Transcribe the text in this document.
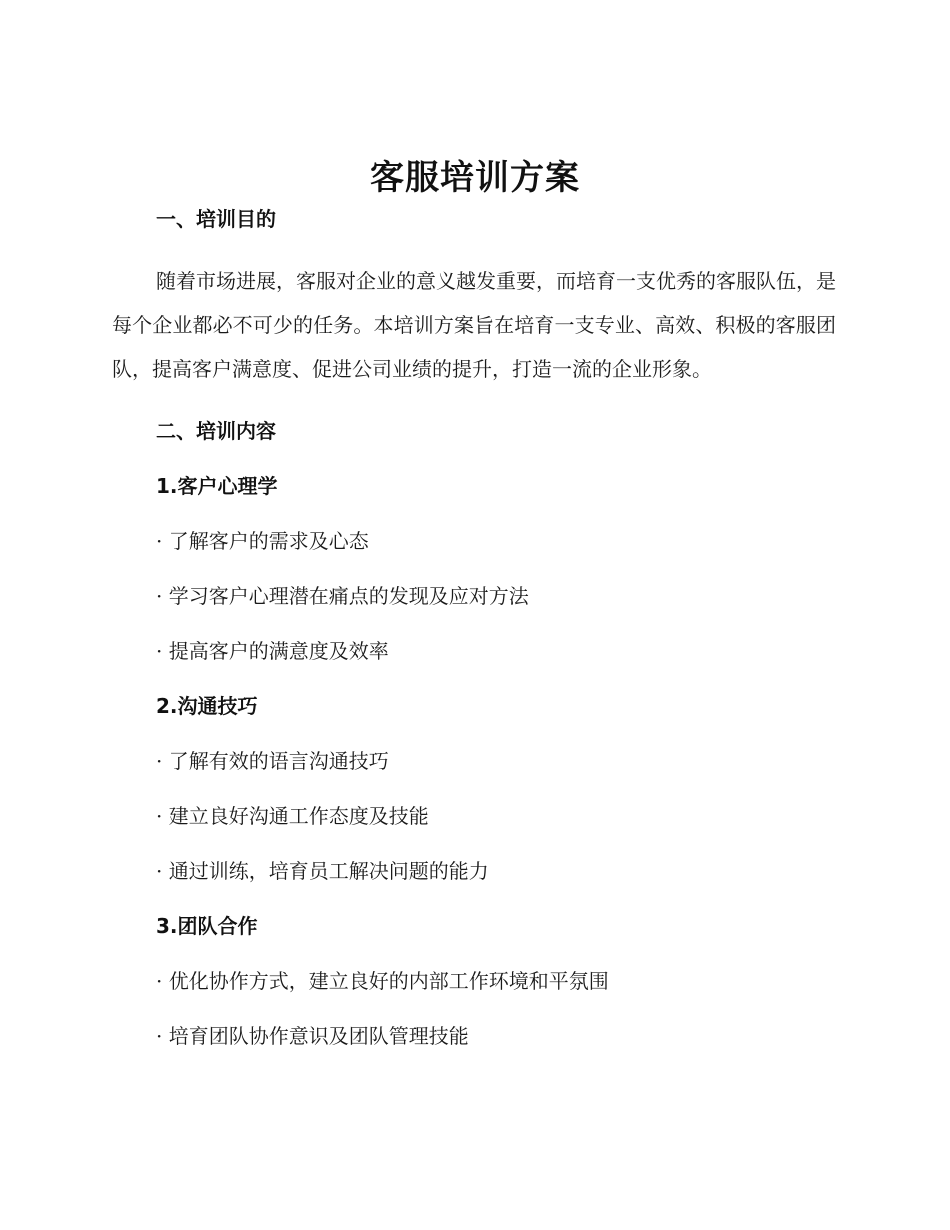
客服培训方案
一、培训目的

随着市场进展，客服对企业的意义越发重要，而培育一支优秀的客服队伍，是每个企业都必不可少的任务。本培训方案旨在培育一支专业、高效、积极的客服团队，提高客户满意度、促进公司业绩的提升，打造一流的企业形象。

二、培训内容
1.客户心理学
· 了解客户的需求及心态
· 学习客户心理潜在痛点的发现及应对方法
· 提高客户的满意度及效率
2.沟通技巧
· 了解有效的语言沟通技巧
· 建立良好沟通工作态度及技能
· 通过训练，培育员工解决问题的能力
3.团队合作
· 优化协作方式，建立良好的内部工作环境和平氛围
· 培育团队协作意识及团队管理技能
